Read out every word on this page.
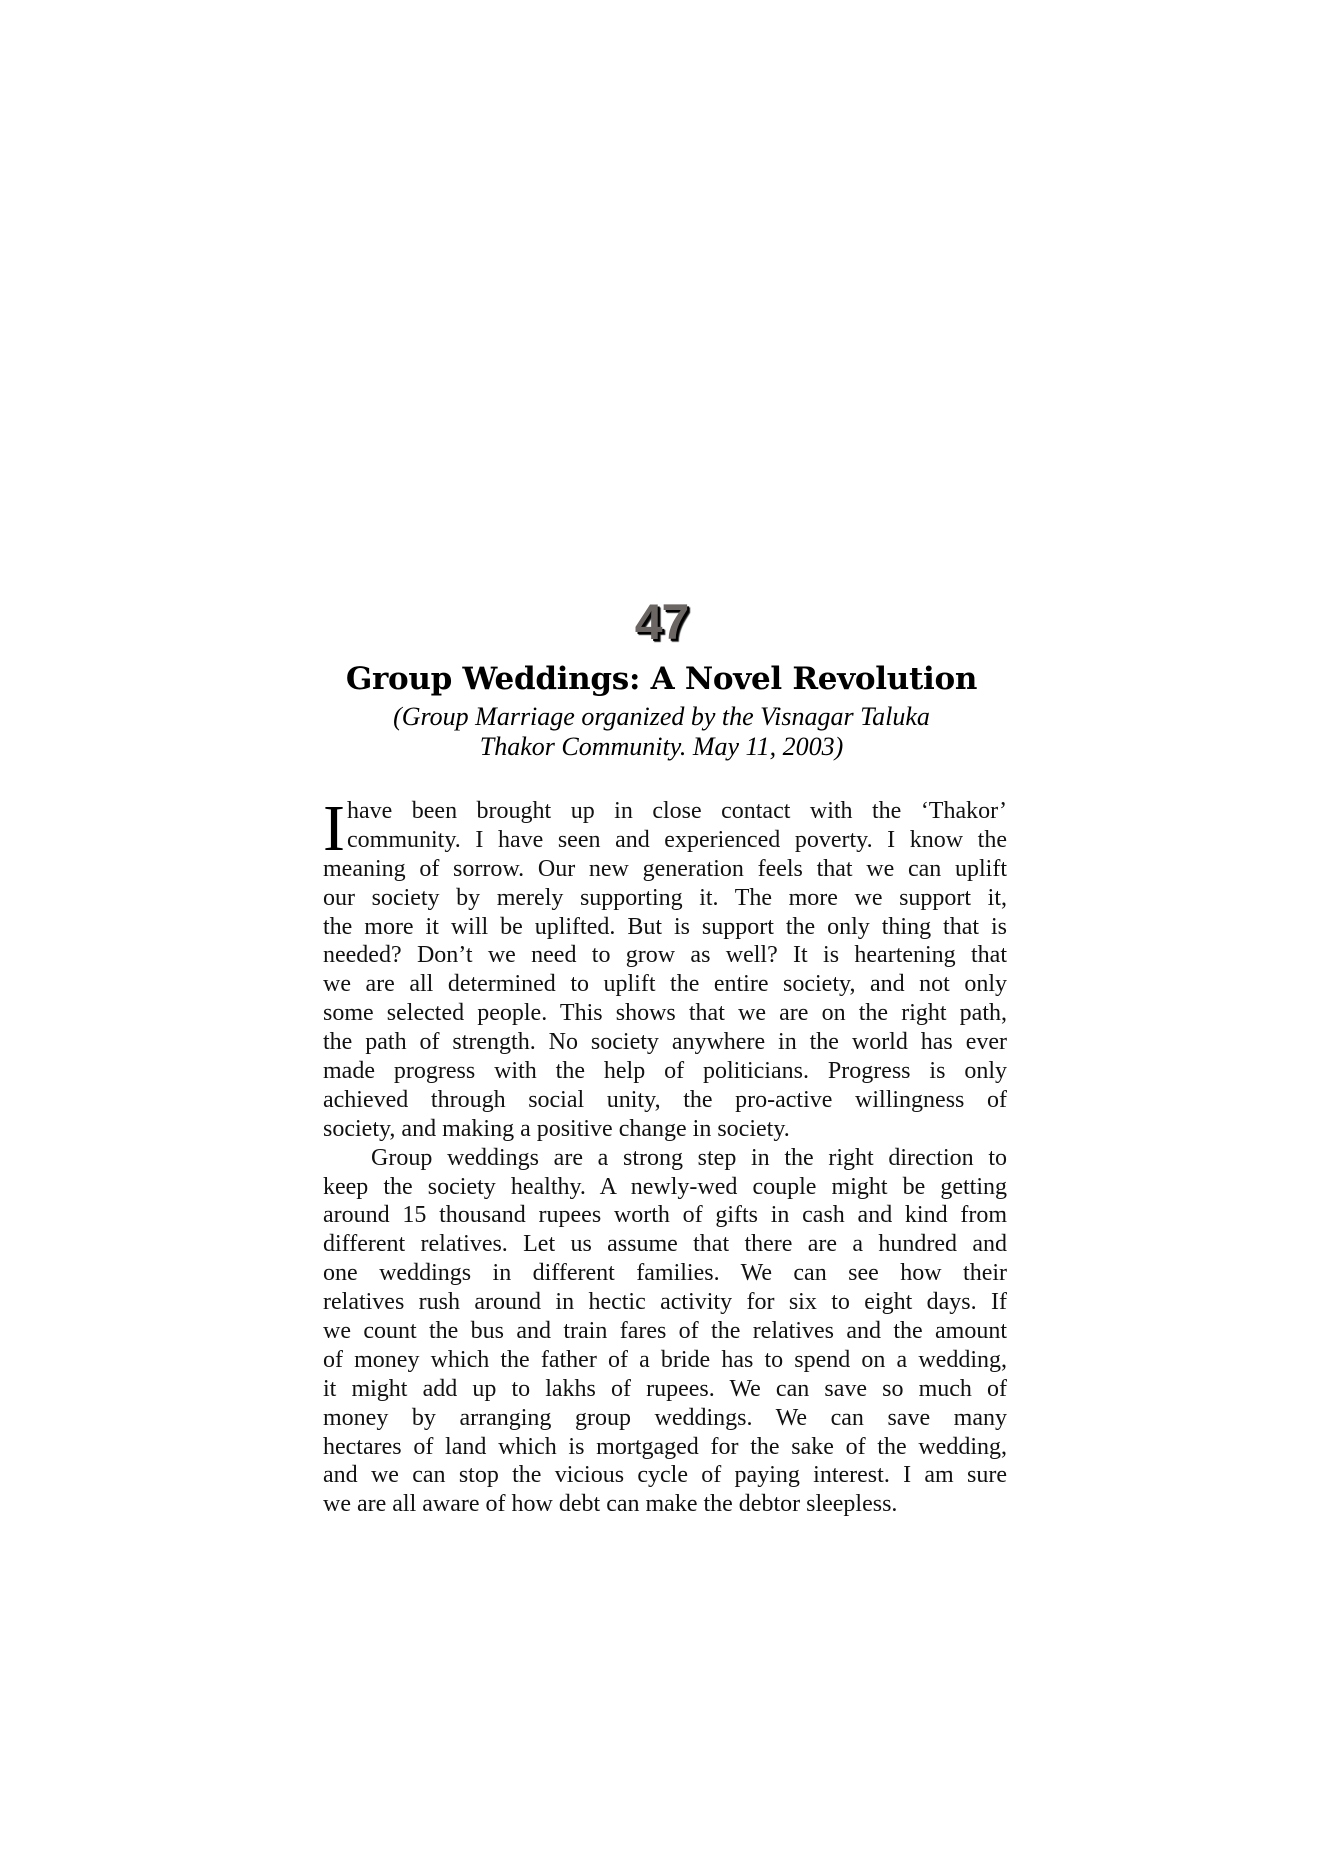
47
Group Weddings: A Novel Revolution
(Group Marriage organized by the Visnagar Taluka
Thakor Community. May 11, 2003)
I have been brought up in close contact with the ‘Thakor’
community. I have seen and experienced poverty. I know the
meaning of sorrow. Our new generation feels that we can uplift
our society by merely supporting it. The more we support it,
the more it will be uplifted. But is support the only thing that is
needed? Don’t we need to grow as well? It is heartening that
we are all determined to uplift the entire society, and not only
some selected people. This shows that we are on the right path,
the path of strength. No society anywhere in the world has ever
made progress with the help of politicians. Progress is only
achieved through social unity, the pro-active willingness of
society, and making a positive change in society.
Group weddings are a strong step in the right direction to
keep the society healthy. A newly-wed couple might be getting
around 15 thousand rupees worth of gifts in cash and kind from
different relatives. Let us assume that there are a hundred and
one weddings in different families. We can see how their
relatives rush around in hectic activity for six to eight days. If
we count the bus and train fares of the relatives and the amount
of money which the father of a bride has to spend on a wedding,
it might add up to lakhs of rupees. We can save so much of
money by arranging group weddings. We can save many
hectares of land which is mortgaged for the sake of the wedding,
and we can stop the vicious cycle of paying interest. I am sure
we are all aware of how debt can make the debtor sleepless.
